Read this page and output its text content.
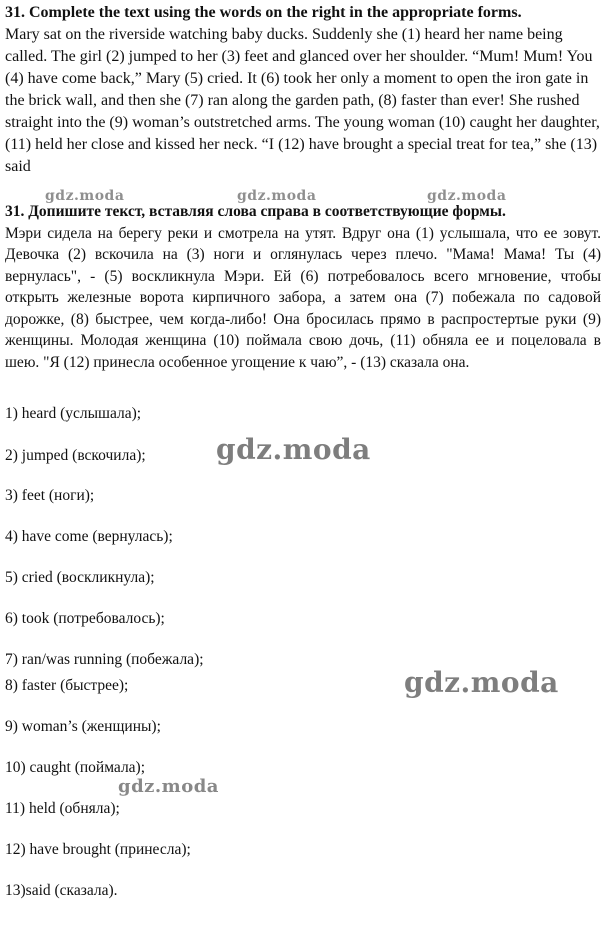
31. Complete the text using the words on the right in the appropriate forms.
Mary sat on the riverside watching baby ducks. Suddenly she (1) heard her name being called. The girl (2) jumped to her (3) feet and glanced over her shoulder. “Mum! Mum! You (4) have come back,” Mary (5) cried. It (6) took her only a moment to open the iron gate in the brick wall, and then she (7) ran along the garden path, (8) faster than ever! She rushed straight into the (9) woman’s outstretched arms. The young woman (10) caught her daughter, (11) held her close and kissed her neck. “I (12) have brought a special treat for tea,” she (13) said
gdz.moda	gdz.moda	gdz.moda
31. Допишите текст, вставляя слова справа в соответствующие формы.
Мэри сидела на берегу реки и смотрела на утят. Вдруг она (1) услышала, что ее зовут. Девочка (2) вскочила на (3) ноги и оглянулась через плечо. "Мама! Мама! Ты (4) вернулась", - (5) воскликнула Мэри. Ей (6) потребовалось всего мгновение, чтобы открыть железные ворота кирпичного забора, а затем она (7) побежала по садовой дорожке, (8) быстрее, чем когда-либо! Она бросилась прямо в распростертые руки (9) женщины. Молодая женщина (10) поймала свою дочь, (11) обняла ее и поцеловала в шею. "Я (12) принесла особенное угощение к чаю”, - (13) сказала она.
1) heard (услышала);
2) jumped (вскочила);
3) feet (ноги);
4) have come (вернулась);
5) cried (воскликнула);
6) took (потребовалось);
7) ran/was running (побежала);
8) faster (быстрее);
9) woman’s (женщины);
10) caught (поймала);
11) held (обняла);
12) have brought (принесла);
13)said (сказала).
gdz.moda
gdz.moda
gdz.moda
